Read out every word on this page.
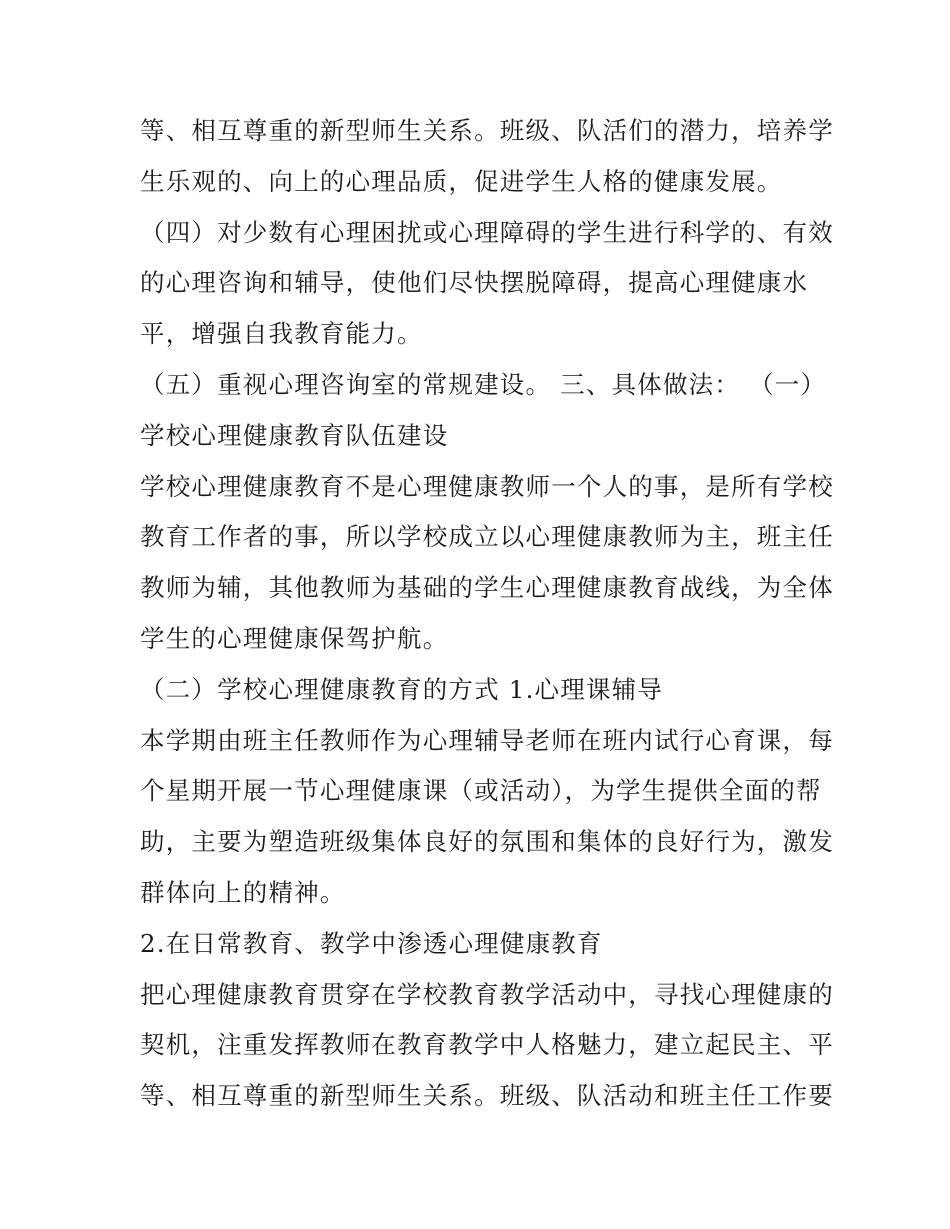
等、相互尊重的新型师生关系。班级、队活们的潜力，培养学
生乐观的、向上的心理品质，促进学生人格的健康发展。
（四）对少数有心理困扰或心理障碍的学生进行科学的、有效
的心理咨询和辅导，使他们尽快摆脱障碍，提高心理健康水
平，增强自我教育能力。
（五）重视心理咨询室的常规建设。 三、具体做法： （一）
学校心理健康教育队伍建设
学校心理健康教育不是心理健康教师一个人的事，是所有学校
教育工作者的事，所以学校成立以心理健康教师为主，班主任
教师为辅，其他教师为基础的学生心理健康教育战线，为全体
学生的心理健康保驾护航。
（二）学校心理健康教育的方式 1.心理课辅导
本学期由班主任教师作为心理辅导老师在班内试行心育课，每
个星期开展一节心理健康课（或活动），为学生提供全面的帮
助，主要为塑造班级集体良好的氛围和集体的良好行为，激发
群体向上的精神。
2.在日常教育、教学中渗透心理健康教育
把心理健康教育贯穿在学校教育教学活动中，寻找心理健康的
契机，注重发挥教师在教育教学中人格魅力，建立起民主、平
等、相互尊重的新型师生关系。班级、队活动和班主任工作要
